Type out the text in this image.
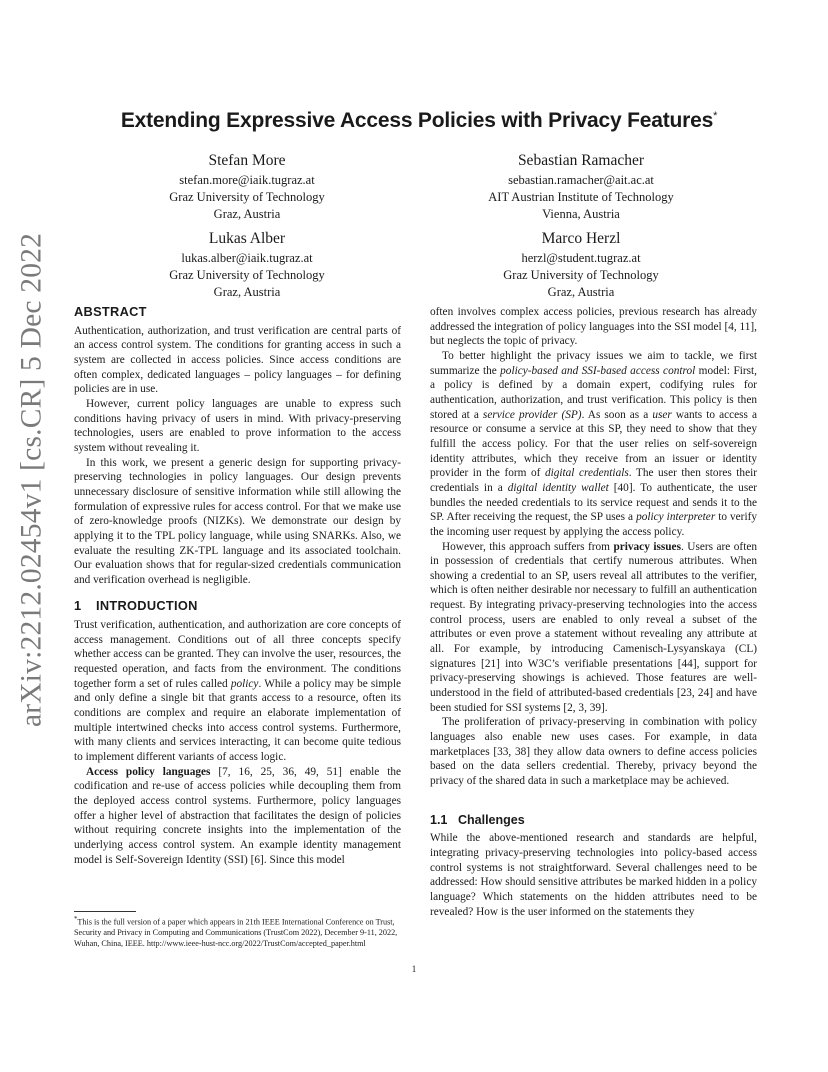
arXiv:2212.02454v1 [cs.CR] 5 Dec 2022
Extending Expressive Access Policies with Privacy Features*
Stefan More
stefan.more@iaik.tugraz.at
Graz University of Technology
Graz, Austria
Sebastian Ramacher
sebastian.ramacher@ait.ac.at
AIT Austrian Institute of Technology
Vienna, Austria
Lukas Alber
lukas.alber@iaik.tugraz.at
Graz University of Technology
Graz, Austria
Marco Herzl
herzl@student.tugraz.at
Graz University of Technology
Graz, Austria
ABSTRACT

Authentication, authorization, and trust verification are central parts of an access control system. The conditions for granting access in such a system are collected in access policies. Since access conditions are often complex, dedicated languages – policy languages – for defining policies are in use.

However, current policy languages are unable to express such conditions having privacy of users in mind. With privacy-preserving technologies, users are enabled to prove information to the access system without revealing it.

In this work, we present a generic design for supporting privacy-preserving technologies in policy languages. Our design prevents unnecessary disclosure of sensitive information while still allowing the formulation of expressive rules for access control. For that we make use of zero-knowledge proofs (NIZKs). We demonstrate our design by applying it to the TPL policy language, while using SNARKs. Also, we evaluate the resulting ZK-TPL language and its associated toolchain. Our evaluation shows that for regular-sized credentials communication and verification overhead is negligible.

1 INTRODUCTION

Trust verification, authentication, and authorization are core concepts of access management. Conditions out of all three concepts specify whether access can be granted. They can involve the user, resources, the requested operation, and facts from the environment. The conditions together form a set of rules called policy. While a policy may be simple and only define a single bit that grants access to a resource, often its conditions are complex and require an elaborate implementation of multiple intertwined checks into access control systems. Furthermore, with many clients and services interacting, it can become quite tedious to implement different variants of access logic.

Access policy languages [7, 16, 25, 36, 49, 51] enable the codification and re-use of access policies while decoupling them from the deployed access control systems. Furthermore, policy languages offer a higher level of abstraction that facilitates the design of policies without requiring concrete insights into the implementation of the underlying access control system. An example identity management model is Self-Sovereign Identity (SSI) [6]. Since this model

*This is the full version of a paper which appears in 21th IEEE International Conference on Trust, Security and Privacy in Computing and Communications (TrustCom 2022), December 9-11, 2022, Wuhan, China, IEEE. http://www.ieee-hust-ncc.org/2022/TrustCom/accepted_paper.html

often involves complex access policies, previous research has already addressed the integration of policy languages into the SSI model [4, 11], but neglects the topic of privacy.

To better highlight the privacy issues we aim to tackle, we first summarize the policy-based and SSI-based access control model: First, a policy is defined by a domain expert, codifying rules for authentication, authorization, and trust verification. This policy is then stored at a service provider (SP). As soon as a user wants to access a resource or consume a service at this SP, they need to show that they fulfill the access policy. For that the user relies on self-sovereign identity attributes, which they receive from an issuer or identity provider in the form of digital credentials. The user then stores their credentials in a digital identity wallet [40]. To authenticate, the user bundles the needed credentials to its service request and sends it to the SP. After receiving the request, the SP uses a policy interpreter to verify the incoming user request by applying the access policy.

However, this approach suffers from privacy issues. Users are often in possession of credentials that certify numerous attributes. When showing a credential to an SP, users reveal all attributes to the verifier, which is often neither desirable nor necessary to fulfill an authentication request. By integrating privacy-preserving technologies into the access control process, users are enabled to only reveal a subset of the attributes or even prove a statement without revealing any attribute at all. For example, by introducing Camenisch-Lysyanskaya (CL) signatures [21] into W3C’s verifiable presentations [44], support for privacy-preserving showings is achieved. Those features are well-understood in the field of attributed-based credentials [23, 24] and have been studied for SSI systems [2, 3, 39].

The proliferation of privacy-preserving in combination with policy languages also enable new uses cases. For example, in data marketplaces [33, 38] they allow data owners to define access policies based on the data sellers credential. Thereby, privacy beyond the privacy of the shared data in such a marketplace may be achieved.

1.1 Challenges

While the above-mentioned research and standards are helpful, integrating privacy-preserving technologies into policy-based access control systems is not straightforward. Several challenges need to be addressed: How should sensitive attributes be marked hidden in a policy language? Which statements on the hidden attributes need to be revealed? How is the user informed on the statements they

1
